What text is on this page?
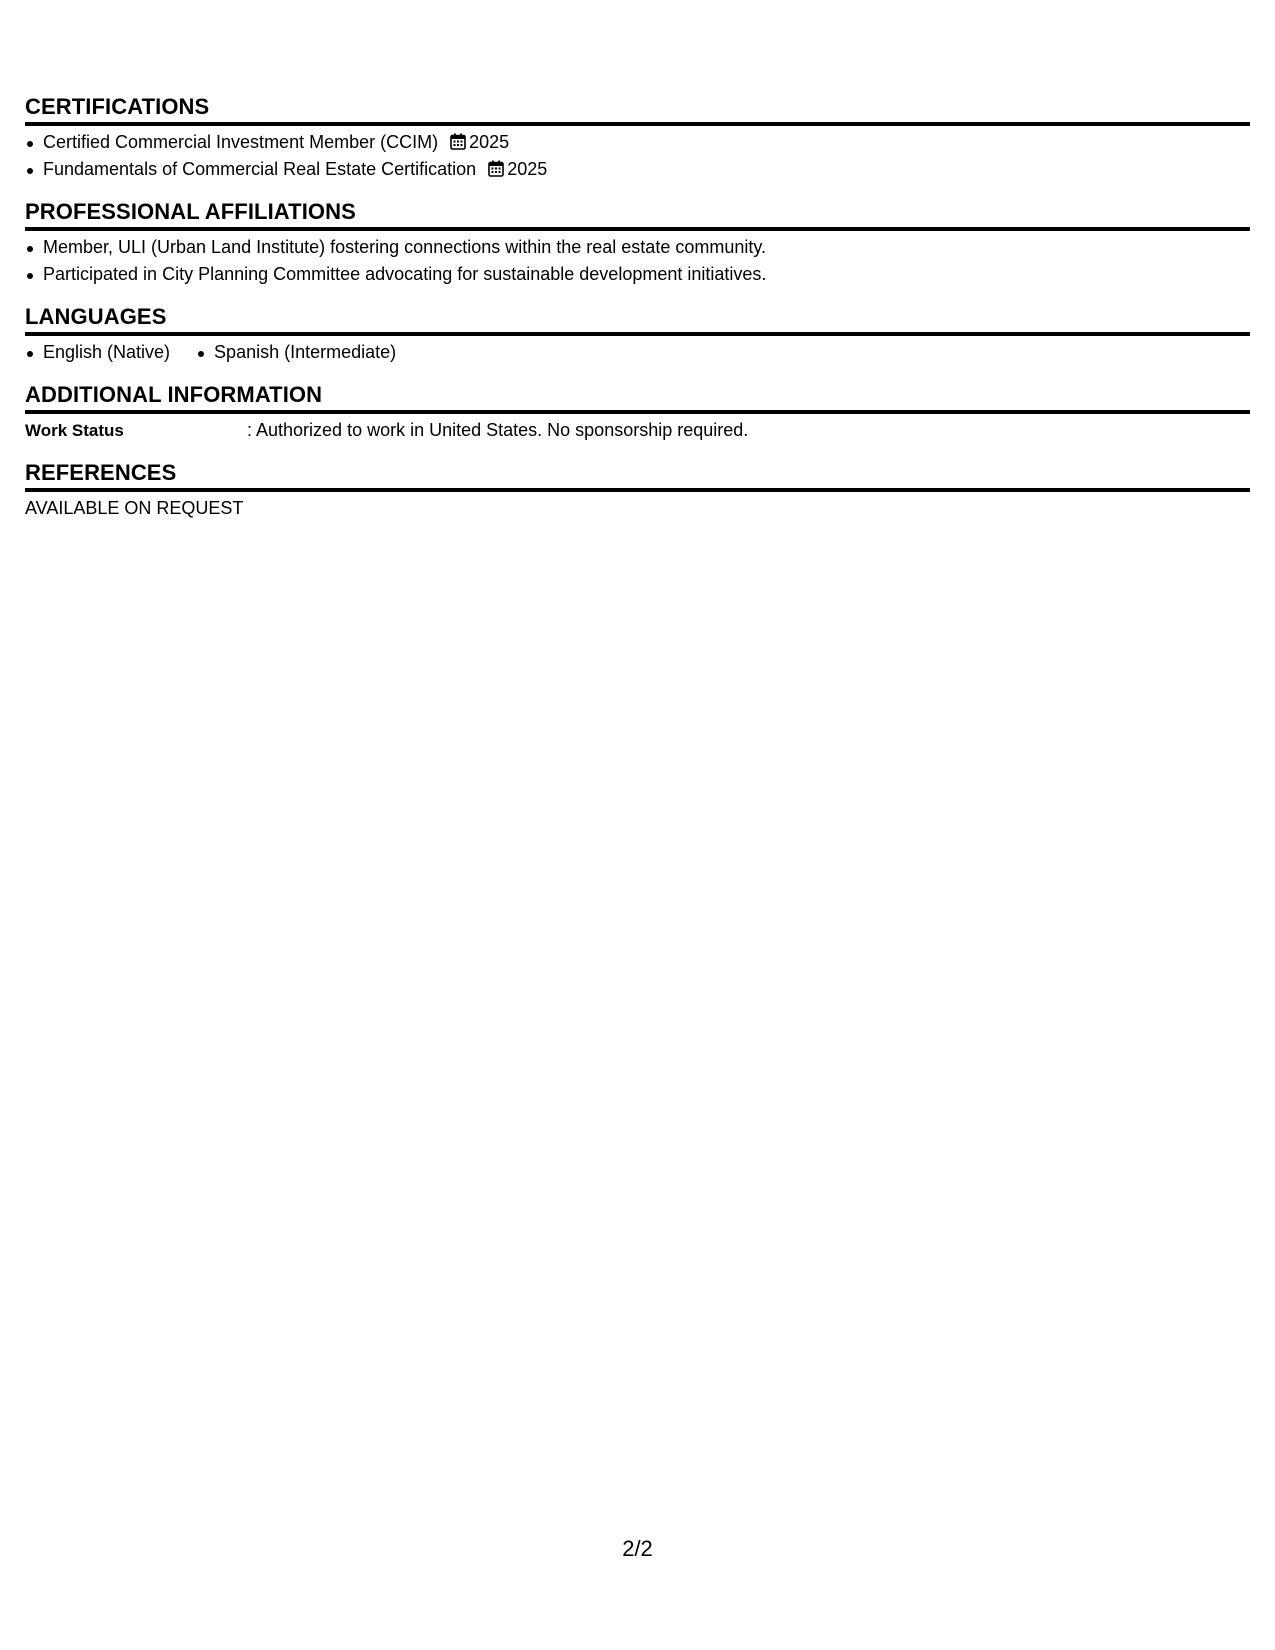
CERTIFICATIONS
Certified Commercial Investment Member (CCIM) 2025
Fundamentals of Commercial Real Estate Certification 2025
PROFESSIONAL AFFILIATIONS
Member, ULI (Urban Land Institute) fostering connections within the real estate community.
Participated in City Planning Committee advocating for sustainable development initiatives.
LANGUAGES
English (Native) Spanish (Intermediate)
ADDITIONAL INFORMATION
Work Status	: Authorized to work in United States. No sponsorship required.
REFERENCES
AVAILABLE ON REQUEST
2/2
